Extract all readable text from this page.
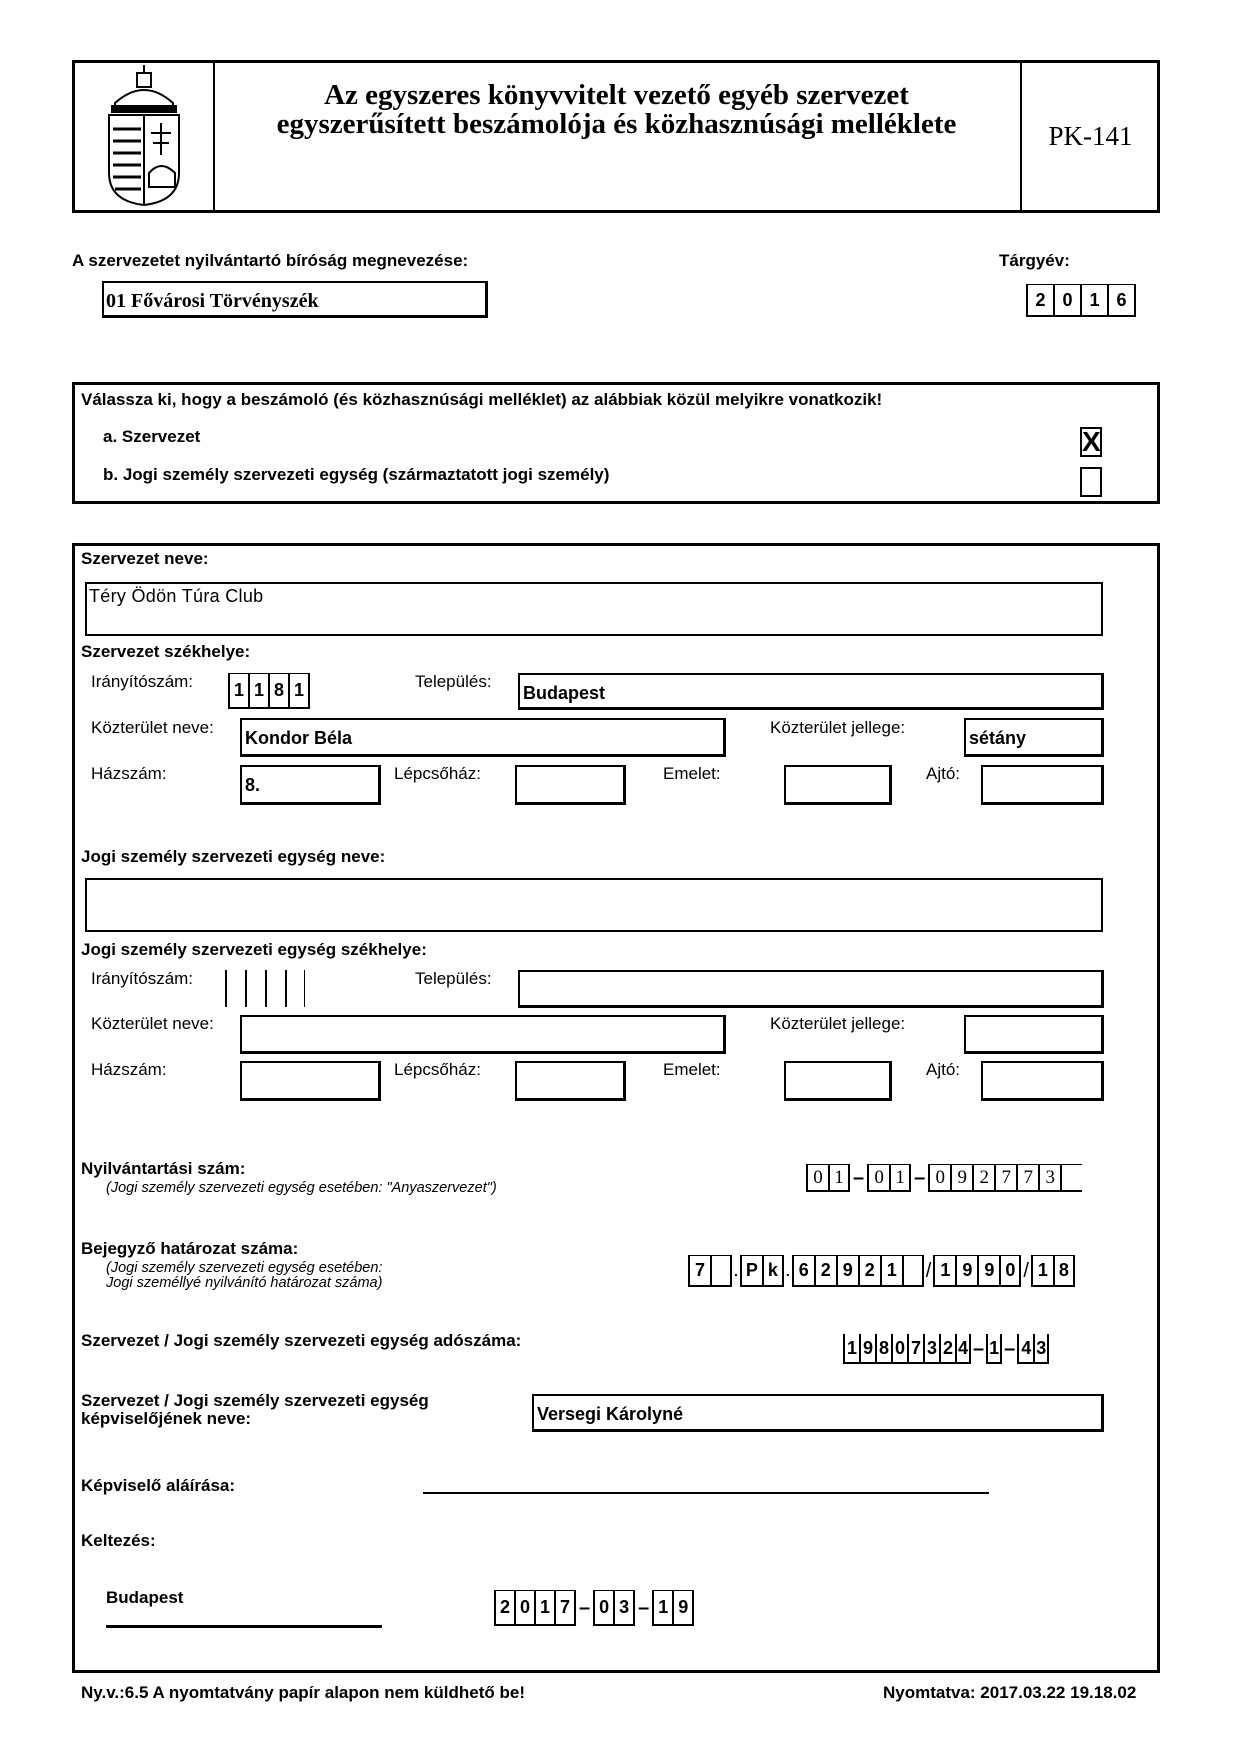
Az egyszeres könyvvitelt vezető egyéb szervezet
egyszerűsített beszámolója és közhasznúsági melléklete	PK-141
A szervezetet nyilvántartó bíróság megnevezése:
01 Fővárosi Törvényszék
Tárgyév:
2 0 1 6
Válassza ki, hogy a beszámoló (és közhasznúsági melléklet) az alábbiak közül melyikre vonatkozik!
a. Szervezet
b. Jogi személy szervezeti egység (származtatott jogi személy)
X
Szervezet neve:
Téry Ödön Túra Club
Szervezet székhelye:
Irányítószám:	1 1 8 1	Település:
Budapest
Közterület neve:
Kondor Béla
Közterület jellege:
sétány
Házszám:
8.
Lépcsőház:	Emelet:	Ajtó:
Jogi személy szervezeti egység neve:
Jogi személy szervezeti egység székhelye:
Irányítószám:	Település:
Közterület neve:	Közterület jellege:
Házszám:	Lépcsőház:	Emelet:	Ajtó:
Nyilvántartási szám:
(Jogi személy szervezeti egység esetében: "Anyaszervezet")
0 1 – 0 1 – 0 9 2 7 7 3
Bejegyző határozat száma:
(Jogi személy szervezeti egység esetében:
Jogi személlyé nyilvánító határozat száma)
7	. P k . 6 2 9 2 1 / 1 9 9 0 / 1 8
Szervezet / Jogi személy szervezeti egység adószáma:	1 9 8 0 7 3 2 4 – 1 – 4 3
Szervezet / Jogi személy szervezeti egység
képviselőjének neve:	Versegi Károlyné
Képviselő aláírása:
Keltezés:
Budapest	2 0 1 7 – 0 3 – 1 9
Ny.v.:6.5 A nyomtatvány papír alapon nem küldhető be!	Nyomtatva: 2017.03.22 19.18.02
